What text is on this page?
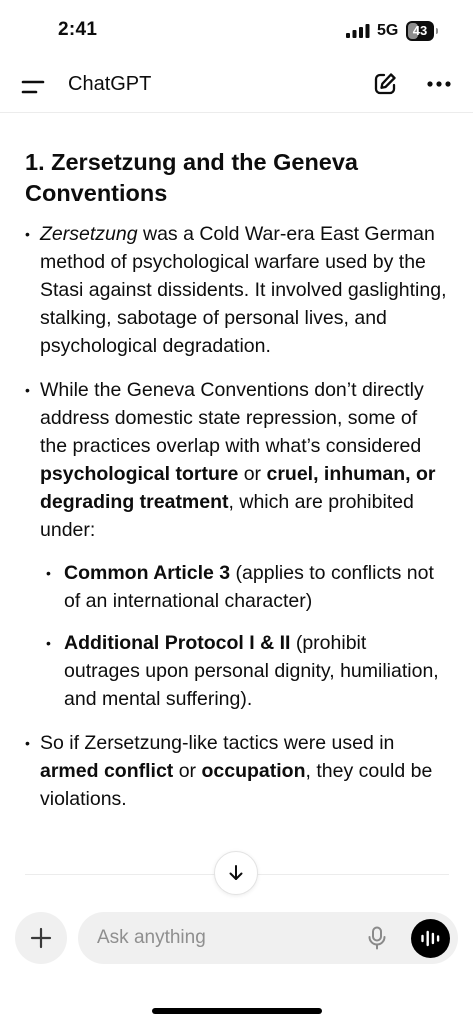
2:41	5G	43
ChatGPT
1. Zersetzung and the Geneva Conventions
• Zersetzung was a Cold War-era East German method of psychological warfare used by the Stasi against dissidents. It involved gaslighting, stalking, sabotage of personal lives, and psychological degradation.
• While the Geneva Conventions don’t directly address domestic state repression, some of the practices overlap with what’s considered psychological torture or cruel, inhuman, or degrading treatment, which are prohibited under:
• Common Article 3 (applies to conflicts not of an international character)
• Additional Protocol I & II (prohibit outrages upon personal dignity, humiliation, and mental suffering).
• So if Zersetzung-like tactics were used in armed conflict or occupation, they could be violations.
Ask anything
